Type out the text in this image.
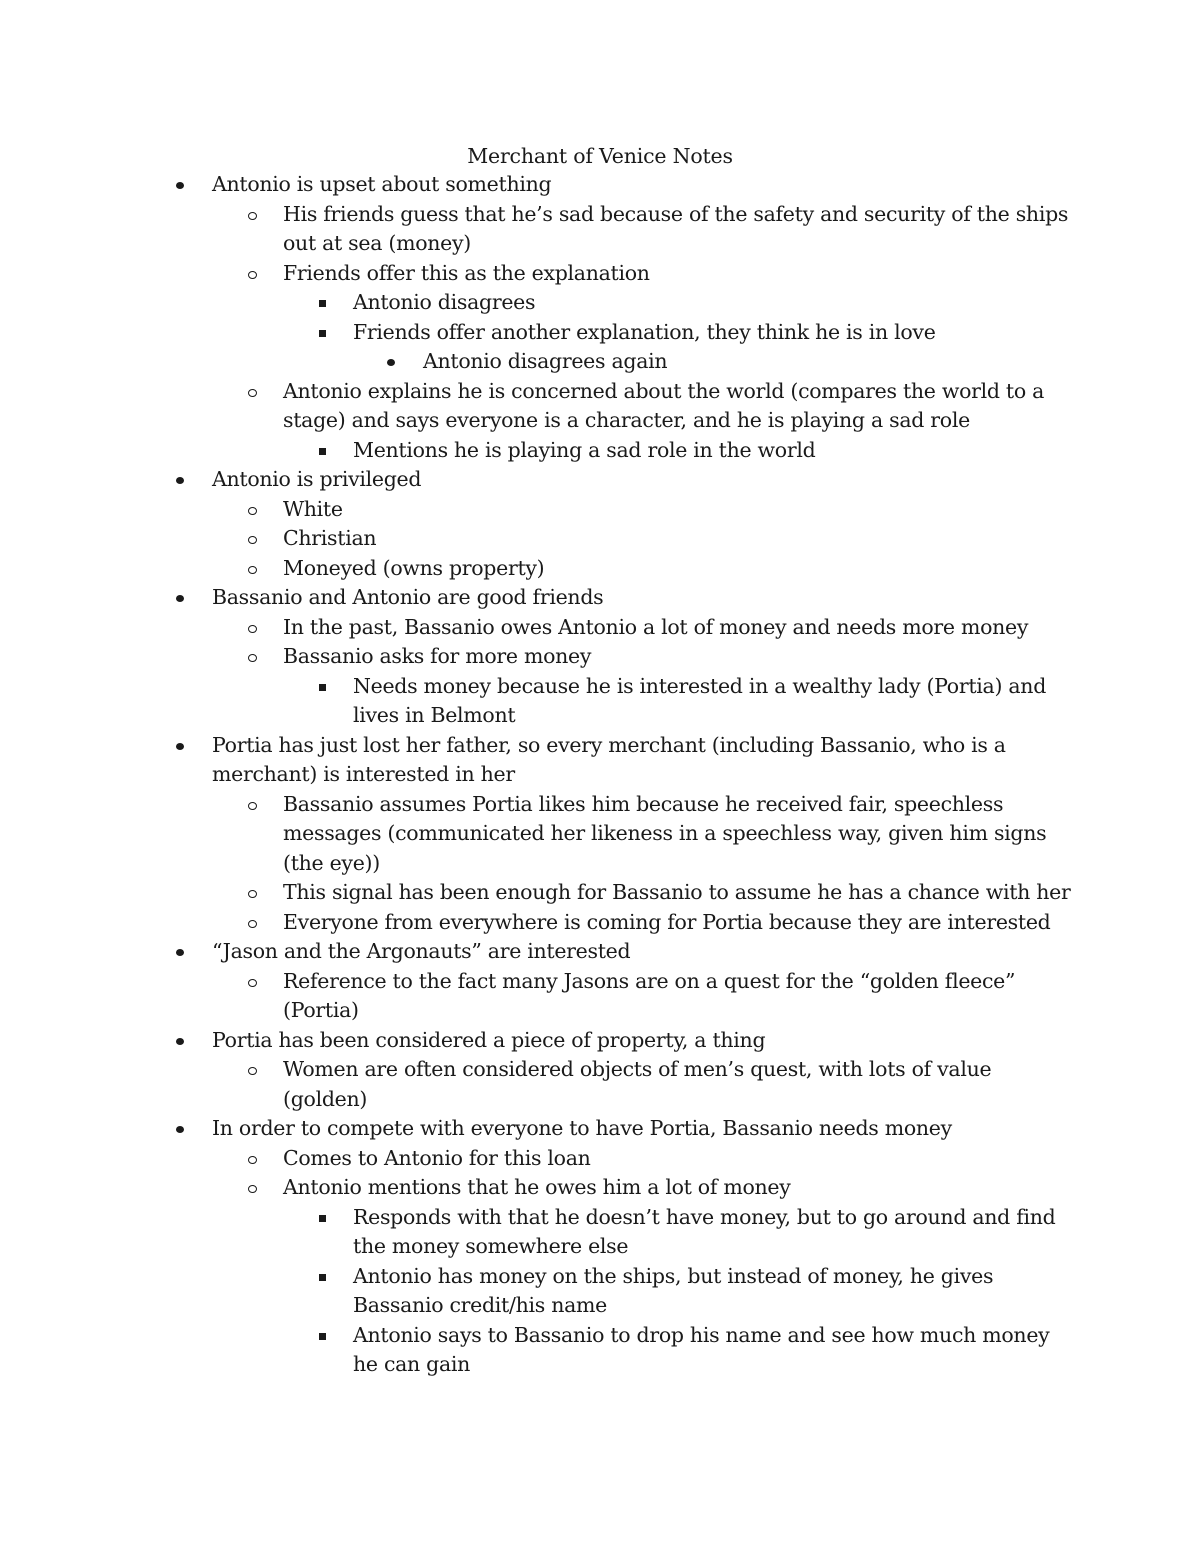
Merchant of Venice Notes
Antonio is upset about something
His friends guess that he’s sad because of the safety and security of the ships out at sea (money)
Friends offer this as the explanation
Antonio disagrees
Friends offer another explanation, they think he is in love
Antonio disagrees again
Antonio explains he is concerned about the world (compares the world to a stage) and says everyone is a character, and he is playing a sad role
Mentions he is playing a sad role in the world
Antonio is privileged
White
Christian
Moneyed (owns property)
Bassanio and Antonio are good friends
In the past, Bassanio owes Antonio a lot of money and needs more money
Bassanio asks for more money
Needs money because he is interested in a wealthy lady (Portia) and lives in Belmont
Portia has just lost her father, so every merchant (including Bassanio, who is a merchant) is interested in her
Bassanio assumes Portia likes him because he received fair, speechless messages (communicated her likeness in a speechless way, given him signs (the eye))
This signal has been enough for Bassanio to assume he has a chance with her
Everyone from everywhere is coming for Portia because they are interested
“Jason and the Argonauts” are interested
Reference to the fact many Jasons are on a quest for the “golden fleece” (Portia)
Portia has been considered a piece of property, a thing
Women are often considered objects of men’s quest, with lots of value (golden)
In order to compete with everyone to have Portia, Bassanio needs money
Comes to Antonio for this loan
Antonio mentions that he owes him a lot of money
Responds with that he doesn’t have money, but to go around and find the money somewhere else
Antonio has money on the ships, but instead of money, he gives Bassanio credit/his name
Antonio says to Bassanio to drop his name and see how much money he can gain
